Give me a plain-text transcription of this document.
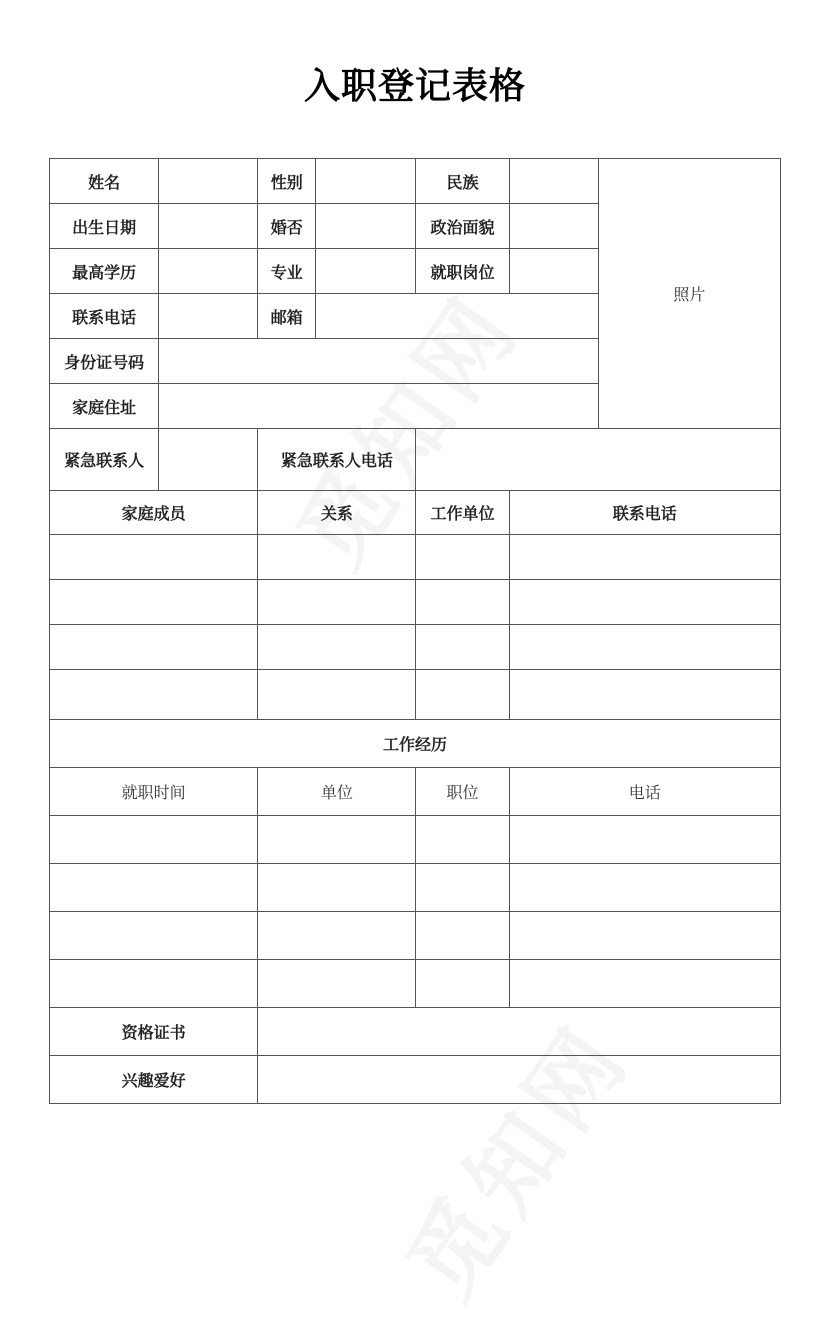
入职登记表格
姓名		性别		民族		照片
出生日期		婚否		政治面貌		
最高学历		专业		就职岗位		
联系电话		邮箱				
身份证号码						
家庭住址						
紧急联系人		紧急联系人电话				
家庭成员		关系		工作单位	联系电话	

工作经历						
就职时间		单位		职位	电话	

资格证书						
兴趣爱好						
